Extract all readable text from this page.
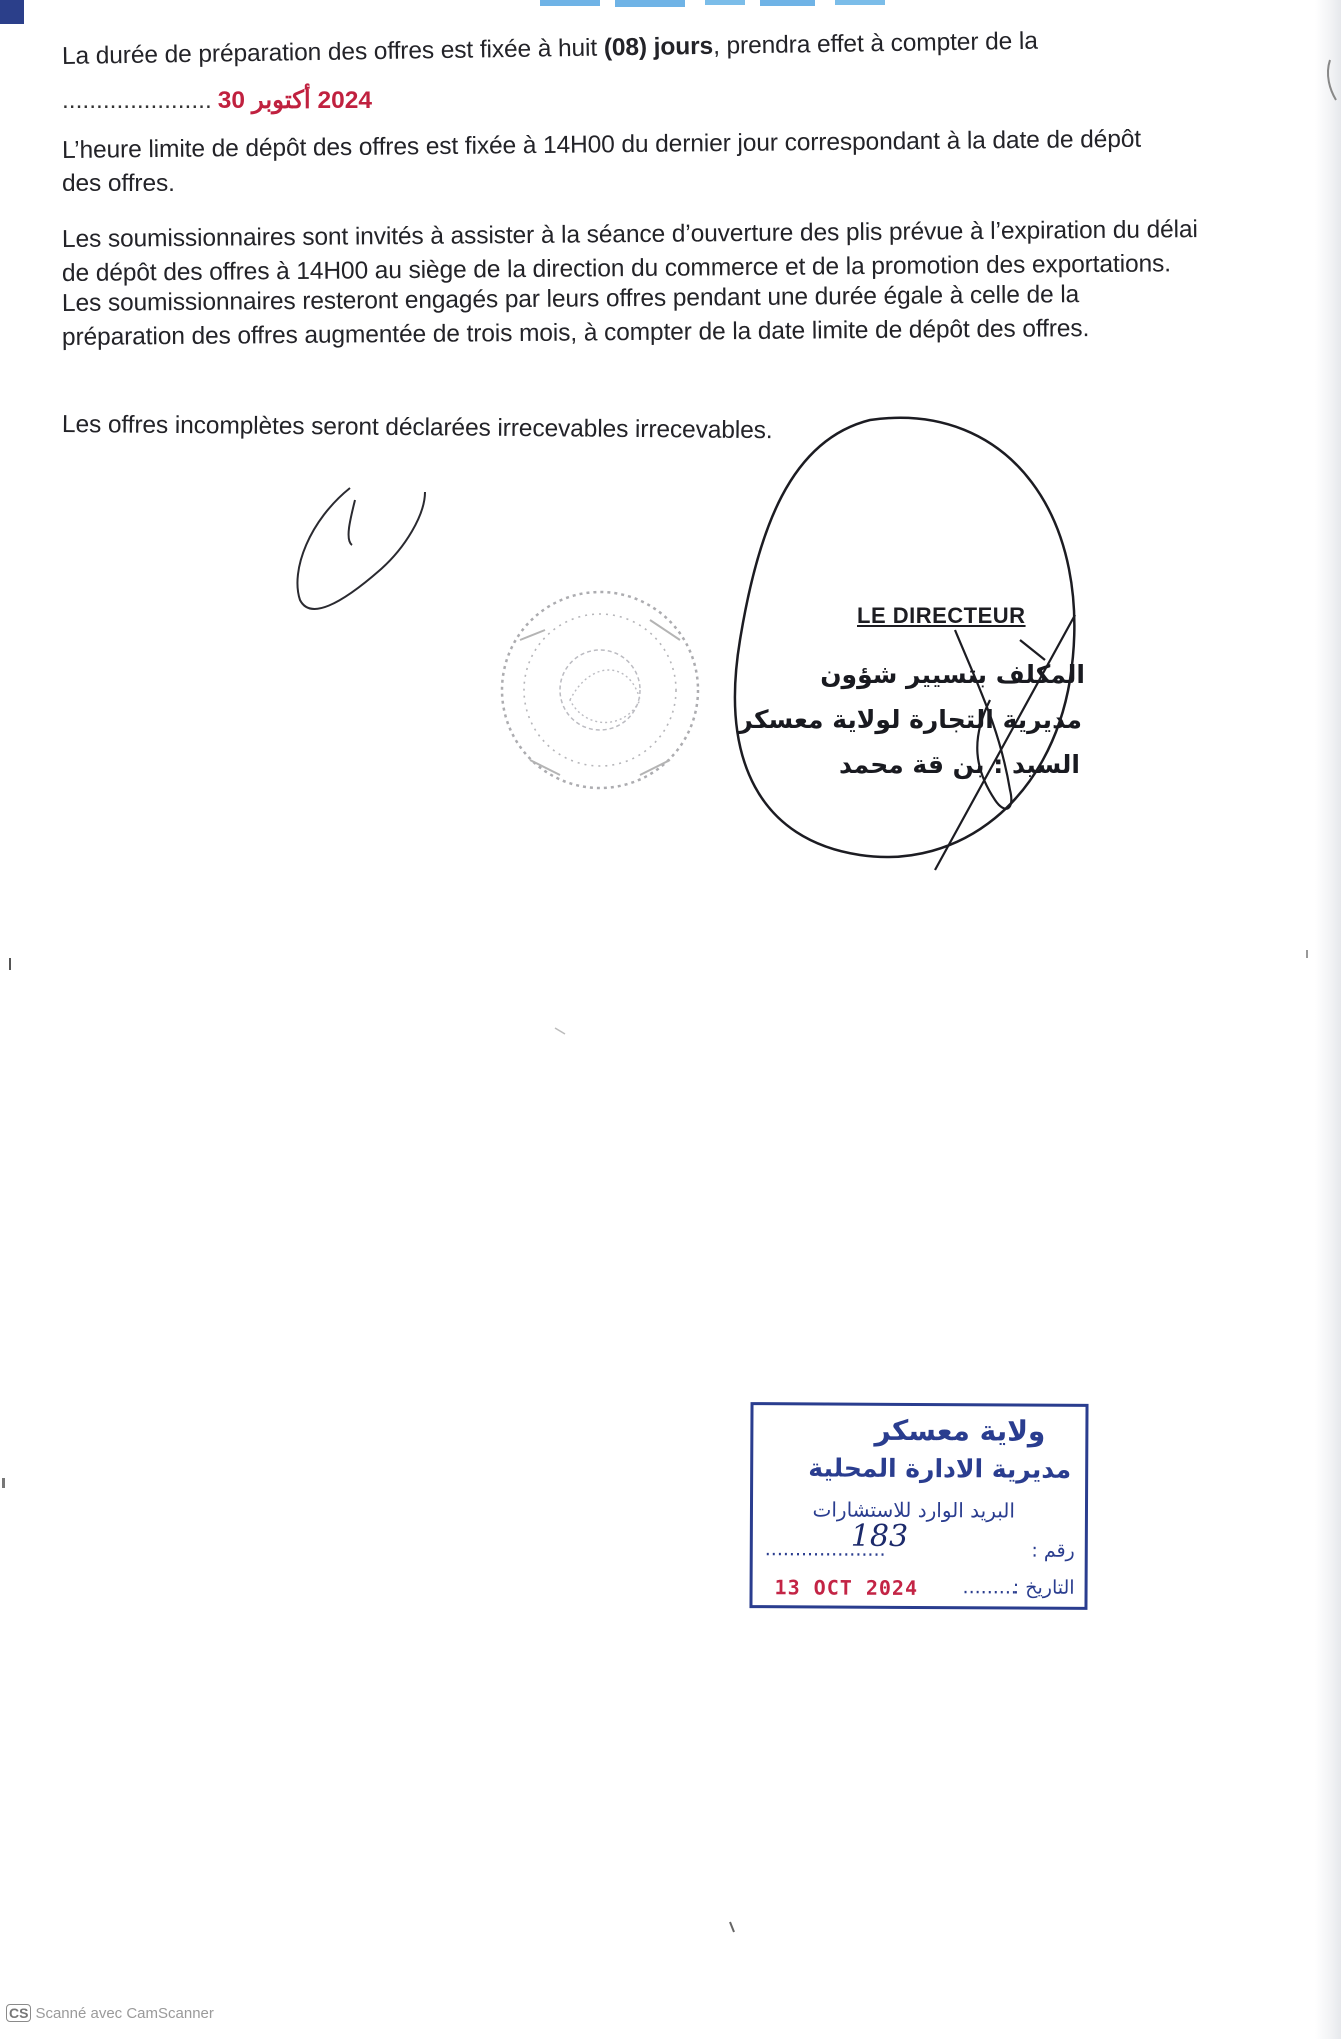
La durée de préparation des offres est fixée à huit (08) jours, prendra effet à compter de la

...................... 2024 أكتوبر 30

L’heure limite de dépôt des offres est fixée à 14H00 du dernier jour correspondant à la date de dépôt

des offres.

Les soumissionnaires sont invités à assister à la séance d’ouverture des plis prévue à l’expiration du délai

de dépôt des offres à 14H00 au siège de la direction du commerce et de la promotion des exportations.

Les soumissionnaires resteront engagés par leurs offres pendant une durée égale à celle de la

préparation des offres augmentée de trois mois, à compter de la date limite de dépôt des offres.

Les offres incomplètes seront déclarées irrecevables irrecevables.

LE DIRECTEUR
المكلف بتسيير شؤون
مديرية التجارة لولاية معسكر
السيد : بن قة محمد
ولاية معسكر
مديرية الادارة المحلية
البريد الوارد للاستشارات
رقم :
....................
183
التاريخ :
.........
13 OCT 2024
CS Scanné avec CamScanner
